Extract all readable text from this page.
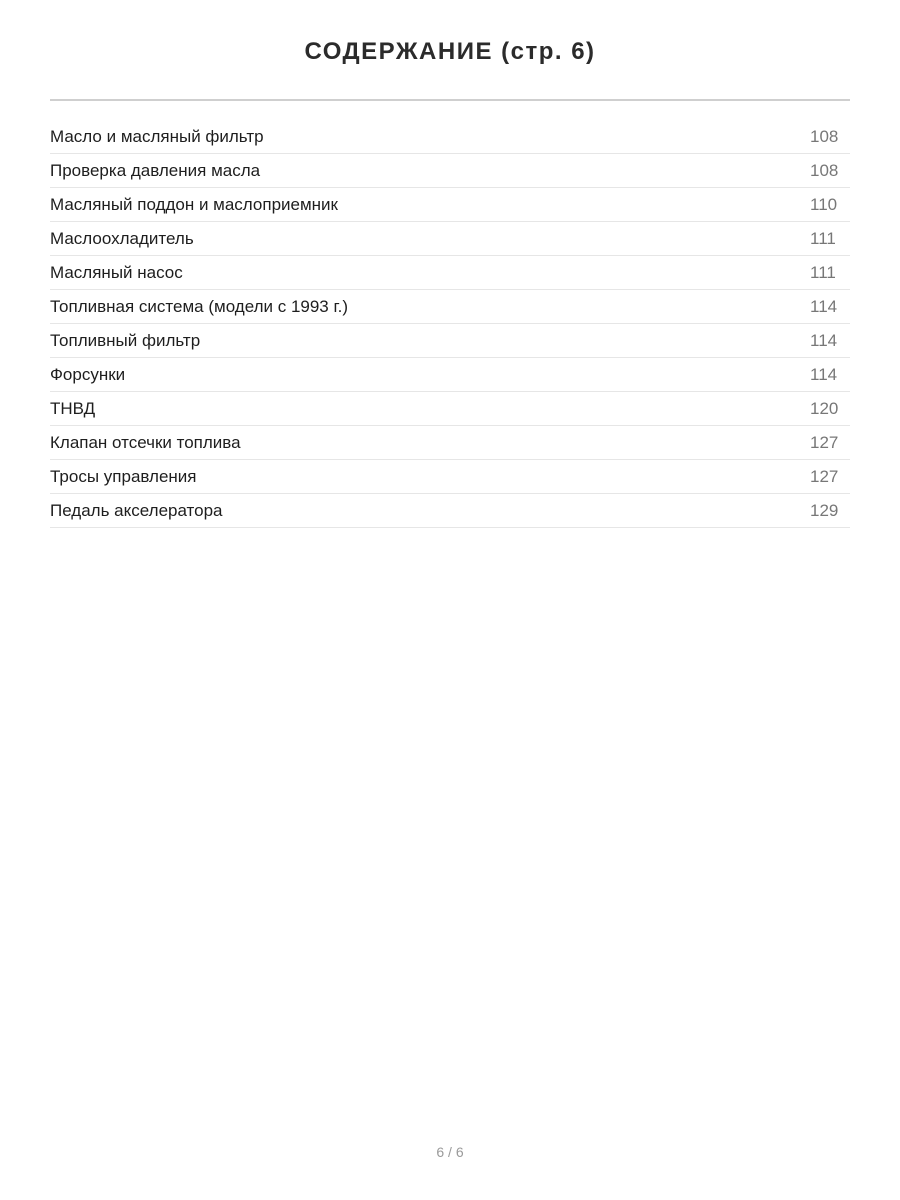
СОДЕРЖАНИЕ (стр. 6)
Масло и масляный фильтр	108
Проверка давления масла	108
Масляный поддон и маслоприемник	110
Маслоохладитель	111
Масляный насос	111
Топливная система (модели с 1993 г.)	114
Топливный фильтр	114
Форсунки	114
ТНВД	120
Клапан отсечки топлива	127
Тросы управления	127
Педаль акселератора	129
6 / 6
